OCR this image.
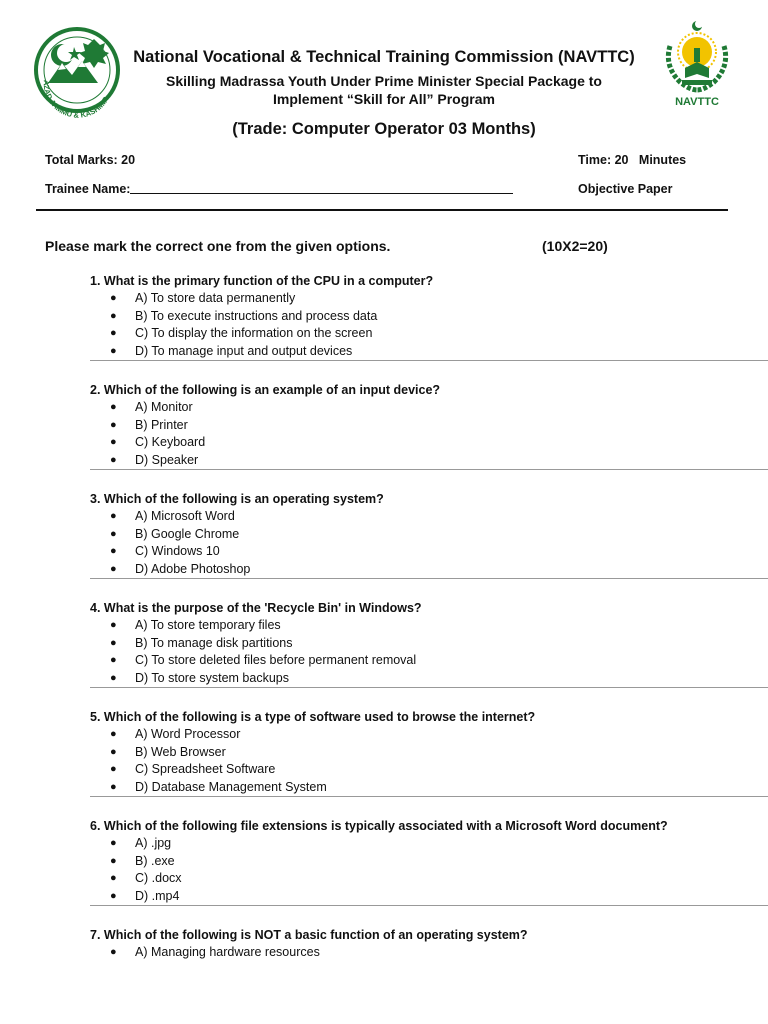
AZAD JAMMU & KASHMIR	NAVTTC
National Vocational & Technical Training Commission (NAVTTC)
Skilling Madrassa Youth Under Prime Minister Special Package to
Implement “Skill for All” Program
(Trade: Computer Operator 03 Months)
Total Marks: 20	Time: 20   Minutes
Trainee Name:	Objective Paper
Please mark the correct one from the given options.	(10X2=20)
1. What is the primary function of the CPU in a computer?
● A) To store data permanently
● B) To execute instructions and process data
● C) To display the information on the screen
● D) To manage input and output devices
2. Which of the following is an example of an input device?
● A) Monitor
● B) Printer
● C) Keyboard
● D) Speaker
3. Which of the following is an operating system?
● A) Microsoft Word
● B) Google Chrome
● C) Windows 10
● D) Adobe Photoshop
4. What is the purpose of the 'Recycle Bin' in Windows?
● A) To store temporary files
● B) To manage disk partitions
● C) To store deleted files before permanent removal
● D) To store system backups
5. Which of the following is a type of software used to browse the internet?
● A) Word Processor
● B) Web Browser
● C) Spreadsheet Software
● D) Database Management System
6. Which of the following file extensions is typically associated with a Microsoft Word document?
● A) .jpg
● B) .exe
● C) .docx
● D) .mp4
7. Which of the following is NOT a basic function of an operating system?
● A) Managing hardware resources
